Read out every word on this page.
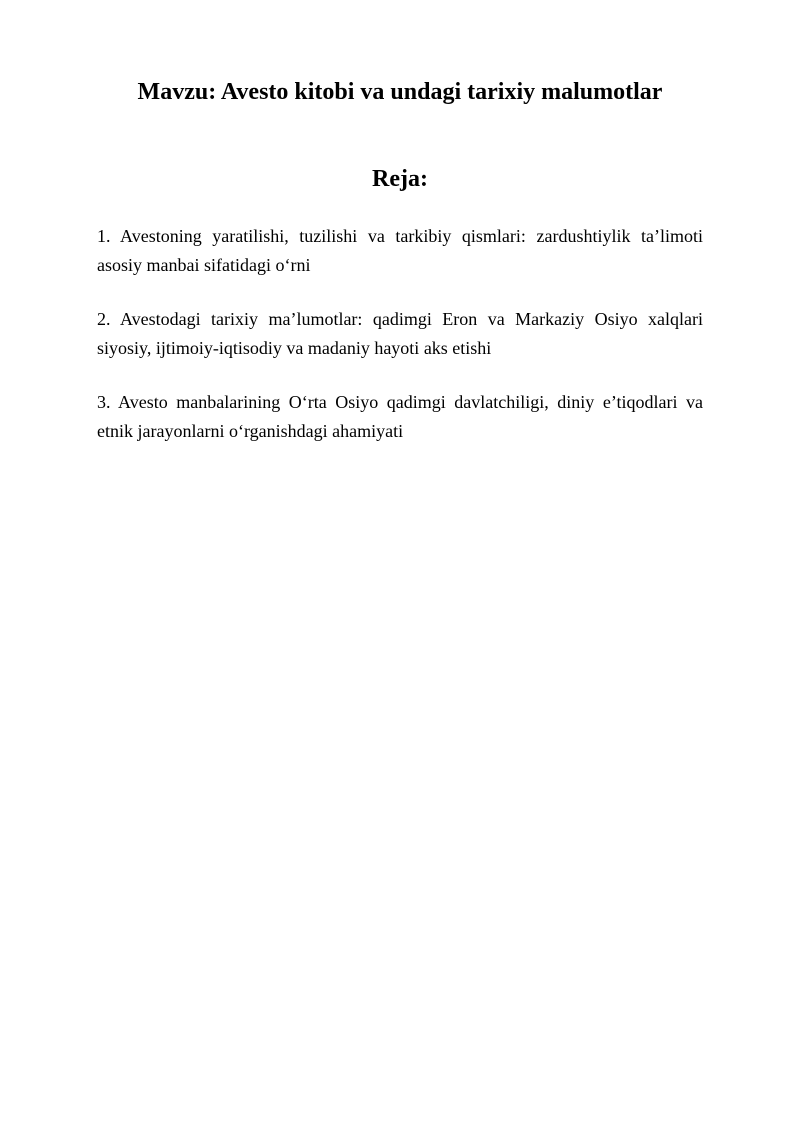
Mavzu: Avesto kitobi va undagi tarixiy malumotlar
Reja:
1. Avestoning yaratilishi, tuzilishi va tarkibiy qismlari: zardushtiylik ta’limoti asosiy manbai sifatidagi o‘rni
2. Avestodagi tarixiy ma’lumotlar: qadimgi Eron va Markaziy Osiyo xalqlari siyosiy, ijtimoiy-iqtisodiy va madaniy hayoti aks etishi
3. Avesto manbalarining O‘rta Osiyo qadimgi davlatchiligi, diniy e’tiqodlari va etnik jarayonlarni o‘rganishdagi ahamiyati
